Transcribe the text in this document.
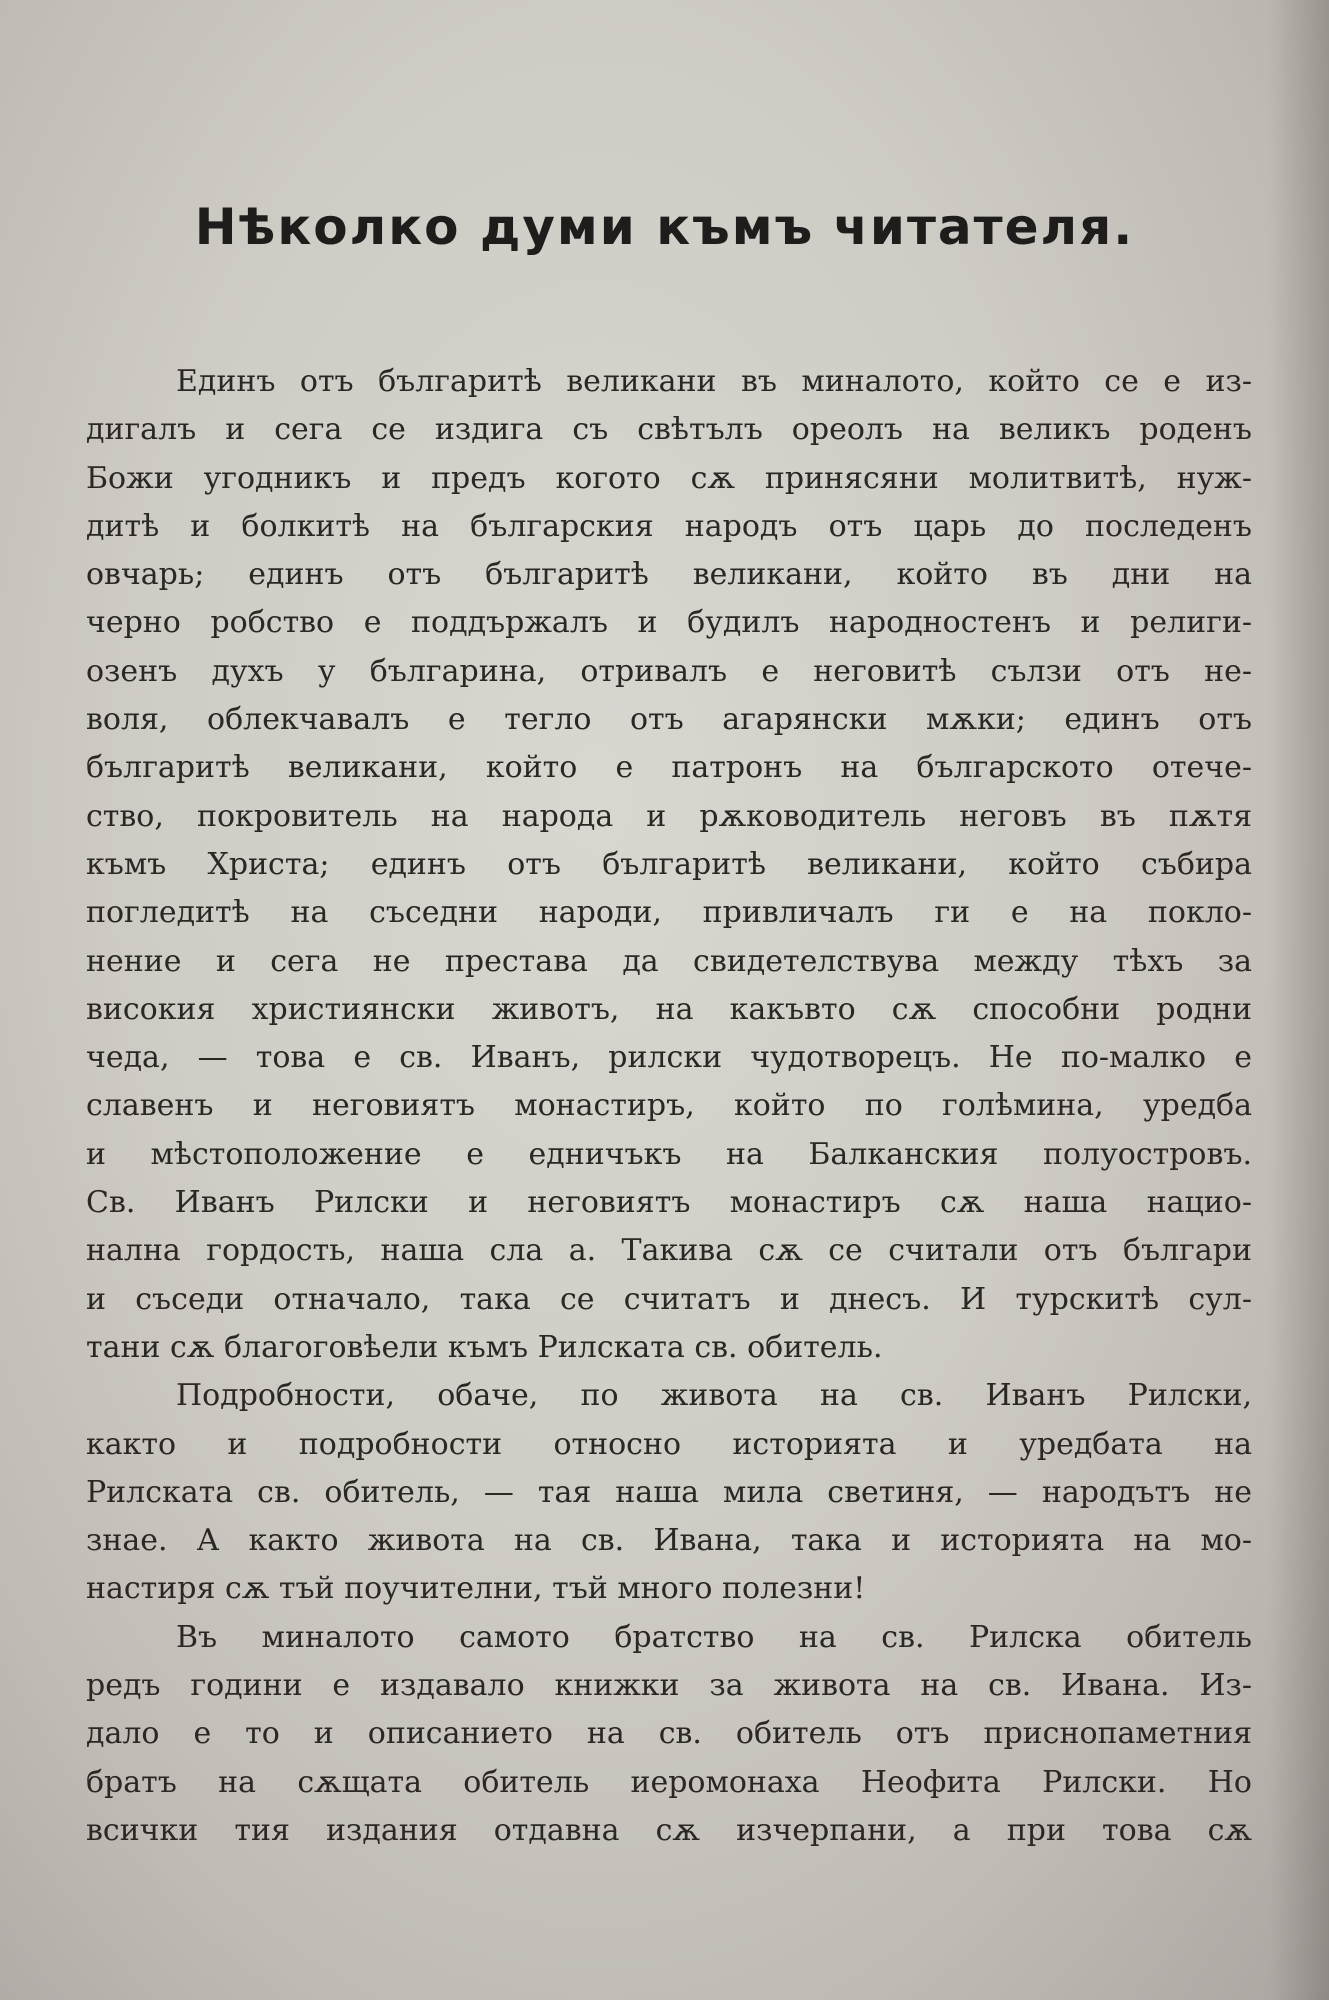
Нѣколко думи къмъ читателя.
Единъ отъ българитѣ великани въ миналото, който се е из-
дигалъ и сега се издига съ свѣтълъ ореолъ на великъ роденъ
Божи угодникъ и предъ когото сѫ принясяни молитвитѣ, нуж-
дитѣ и болкитѣ на българския народъ отъ царь до последенъ
овчарь; единъ отъ българитѣ великани, който въ дни на
черно робство е поддържалъ и будилъ народностенъ и религи-
озенъ духъ у българина, отривалъ е неговитѣ сълзи отъ не-
воля, облекчавалъ е тегло отъ агарянски мѫки; единъ отъ
българитѣ великани, който е патронъ на българското отече-
ство, покровитель на народа и рѫководитель неговъ въ пѫтя
къмъ Христа; единъ отъ българитѣ великани, който събира
погледитѣ на съседни народи, привличалъ ги е на покло-
нение и сега не престава да свидетелствува между тѣхъ за
високия християнски животъ, на какъвто сѫ способни родни
чеда, — това е св. Иванъ, рилски чудотворецъ. Не по-малко е
славенъ и неговиятъ монастиръ, който по голѣмина, уредба
и мѣстоположение е едничъкъ на Балканския полуостровъ.
Св. Иванъ Рилски и неговиятъ монастиръ сѫ наша нацио-
нална гордость, наша сла а. Такива сѫ се считали отъ българи
и съседи отначало, така се считатъ и днесъ. И турскитѣ сул-
тани сѫ благоговѣели къмъ Рилската св. обитель.
Подробности, обаче, по живота на св. Иванъ Рилски,
както и подробности относно историята и уредбата на
Рилската св. обитель, — тая наша мила светиня, — народътъ не
знае. А както живота на св. Ивана, така и историята на мо-
настиря сѫ тъй поучителни, тъй много полезни!
Въ миналото самото братство на св. Рилска обитель
редъ години е издавало книжки за живота на св. Ивана. Из-
дало е то и описанието на св. обитель отъ приснопаметния
братъ на сѫщата обитель иеромонаха Неофита Рилски. Но
всички тия издания отдавна сѫ изчерпани, а при това сѫ
